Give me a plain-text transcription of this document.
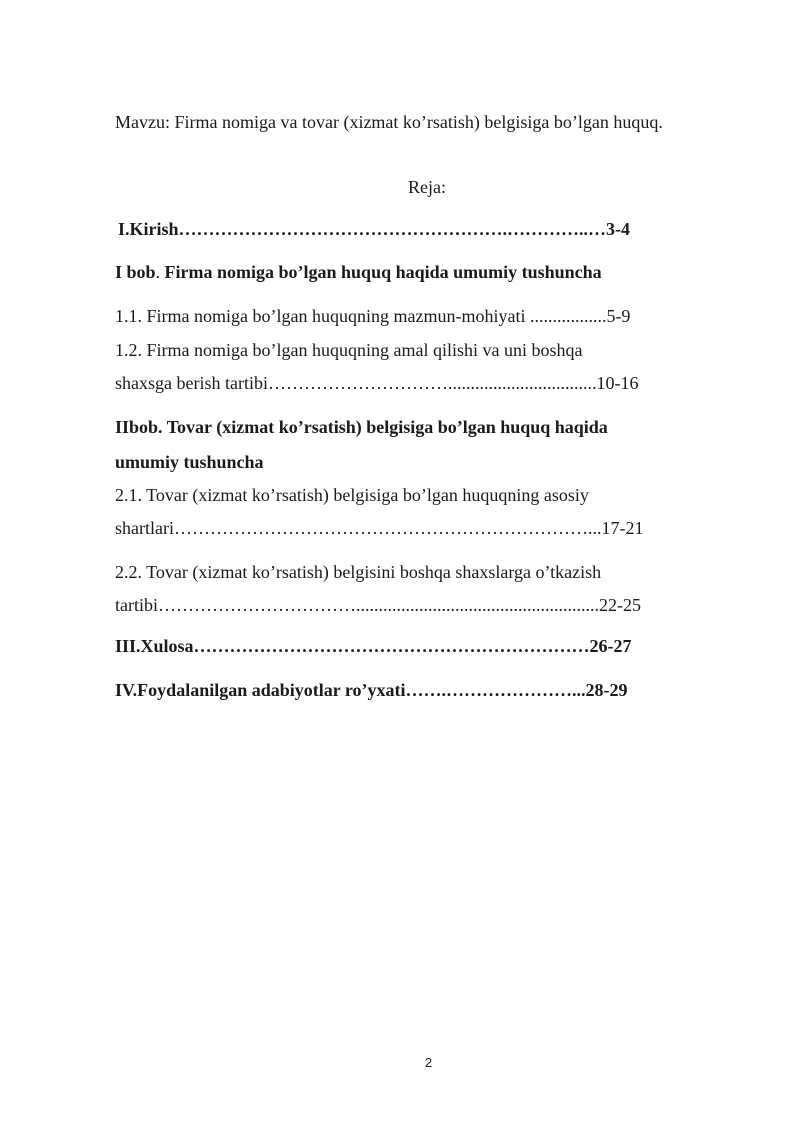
Mavzu: Firma nomiga va tovar (xizmat ko’rsatish) belgisiga bo’lgan huquq.
Reja:
I.Kirish……………………………………………….…………..…3-4
I bob. Firma nomiga bo’lgan huquq haqida umumiy tushuncha
1.1. Firma nomiga bo’lgan huquqning mazmun-mohiyati .................5-9
1.2. Firma nomiga bo’lgan huquqning amal qilishi va uni boshqa
shaxsga berish tartibi………………………….................................10-16
IIbob. Tovar (xizmat ko’rsatish) belgisiga bo’lgan huquq haqida
umumiy tushuncha
2.1. Tovar (xizmat ko’rsatish) belgisiga bo’lgan huquqning asosiy
shartlari……………………………………………………………...17-21
2.2. Tovar (xizmat ko’rsatish) belgisini boshqa shaxslarga o’tkazish
tartibi……………………………......................................................22-25
III.Xulosa…………………………………………………………26-27
IV.Foydalanilgan adabiyotlar ro’yxati…….…………………...28-29
2
